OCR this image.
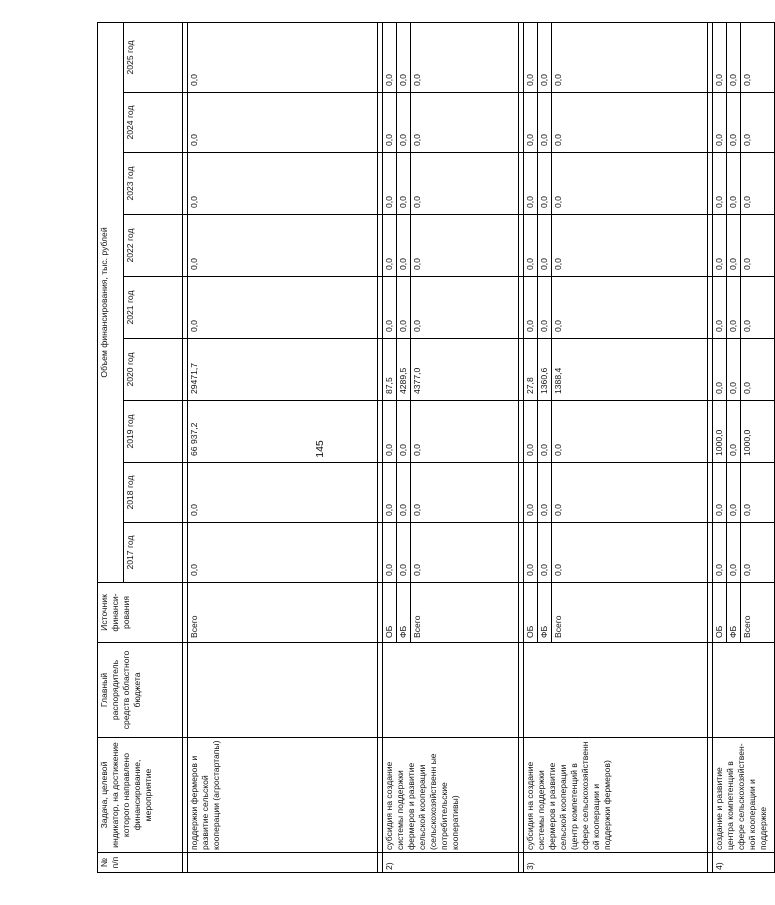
145
№ п/п	Задача, целевой индикатор, на достижение которого направлено финансирование, мероприятие	Главный распорядитель средств областного бюджета	Источник финанси-рования	Объем финансирования, тыс. рублей								
				2017 год	2018 год	2019 год	2020 год	2021 год	2022 год	2023 год	2024 год	2025 год

	поддержки фермеров и развитие сельской кооперации (агростартапы)		Всего	0,0	0,0	66 937,2	29471,7	0,0	0,0	0,0	0,0	0,0

2)	субсидия на создание системы поддержки фермеров и развитие сельской кооперации (сельскохозяйственн ые потребительские кооперативы)		ОБ	0,0	0,0	0,0	87,5	0,0	0,0	0,0	0,0	0,0
			ФБ	0,0	0,0	0,0	4289,5	0,0	0,0	0,0	0,0	0,0
			Всего	0,0	0,0	0,0	4377,0	0,0	0,0	0,0	0,0	0,0

3)	субсидия на создание системы поддержки фермеров и развитие сельской кооперации (центр компетенций в сфере сельскохозяйственн ой кооперации и поддержки фермеров)		ОБ	0,0	0,0	0,0	27,8	0,0	0,0	0,0	0,0	0,0
			ФБ	0,0	0,0	0,0	1360,6	0,0	0,0	0,0	0,0	0,0
			Всего	0,0	0,0	0,0	1388,4	0,0	0,0	0,0	0,0	0,0

4)	создание и развитие центра компетенций в сфере сельскохозяйствен-ной кооперации и поддержке		ОБ	0,0	0,0	1000,0	0,0	0,0	0,0	0,0	0,0	0,0
			ФБ	0,0	0,0	0,0	0,0	0,0	0,0	0,0	0,0	0,0
			Всего	0,0	0,0	1000,0	0,0	0,0	0,0	0,0	0,0	0,0
